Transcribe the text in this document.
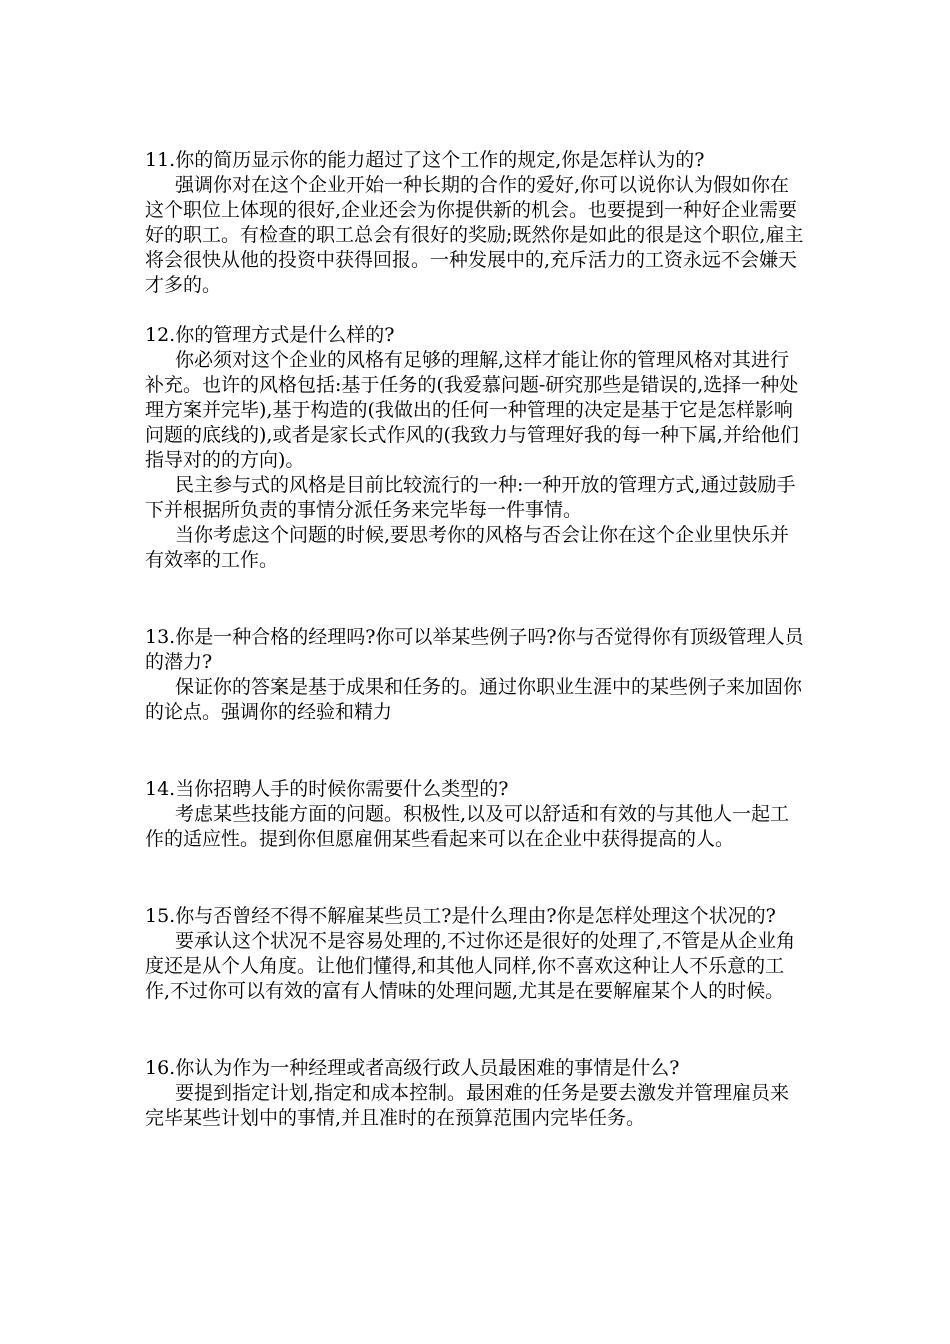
11.你的简历显示你的能力超过了这个工作的规定,你是怎样认为的?

强调你对在这个企业开始一种长期的合作的爱好,你可以说你认为假如你在这个职位上体现的很好,企业还会为你提供新的机会。也要提到一种好企业需要好的职工。有检查的职工总会有很好的奖励;既然你是如此的很是这个职位,雇主将会很快从他的投资中获得回报。一种发展中的,充斥活力的工资永远不会嫌天才多的。

12.你的管理方式是什么样的?

你必须对这个企业的风格有足够的理解,这样才能让你的管理风格对其进行补充。也许的风格包括:基于任务的(我爱慕问题-研究那些是错误的,选择一种处理方案并完毕),基于构造的(我做出的任何一种管理的决定是基于它是怎样影响问题的底线的),或者是家长式作风的(我致力与管理好我的每一种下属,并给他们指导对的的方向)。

民主参与式的风格是目前比较流行的一种:一种开放的管理方式,通过鼓励手下并根据所负责的事情分派任务来完毕每一件事情。

当你考虑这个问题的时候,要思考你的风格与否会让你在这个企业里快乐并有效率的工作。

13.你是一种合格的经理吗?你可以举某些例子吗?你与否觉得你有顶级管理人员的潜力?

保证你的答案是基于成果和任务的。通过你职业生涯中的某些例子来加固你的论点。强调你的经验和精力

14.当你招聘人手的时候你需要什么类型的?

考虑某些技能方面的问题。积极性,以及可以舒适和有效的与其他人一起工作的适应性。提到你但愿雇佣某些看起来可以在企业中获得提高的人。

15.你与否曾经不得不解雇某些员工?是什么理由?你是怎样处理这个状况的?

要承认这个状况不是容易处理的,不过你还是很好的处理了,不管是从企业角度还是从个人角度。让他们懂得,和其他人同样,你不喜欢这种让人不乐意的工作,不过你可以有效的富有人情味的处理问题,尤其是在要解雇某个人的时候。

16.你认为作为一种经理或者高级行政人员最困难的事情是什么?

要提到指定计划,指定和成本控制。最困难的任务是要去激发并管理雇员来完毕某些计划中的事情,并且准时的在预算范围内完毕任务。
